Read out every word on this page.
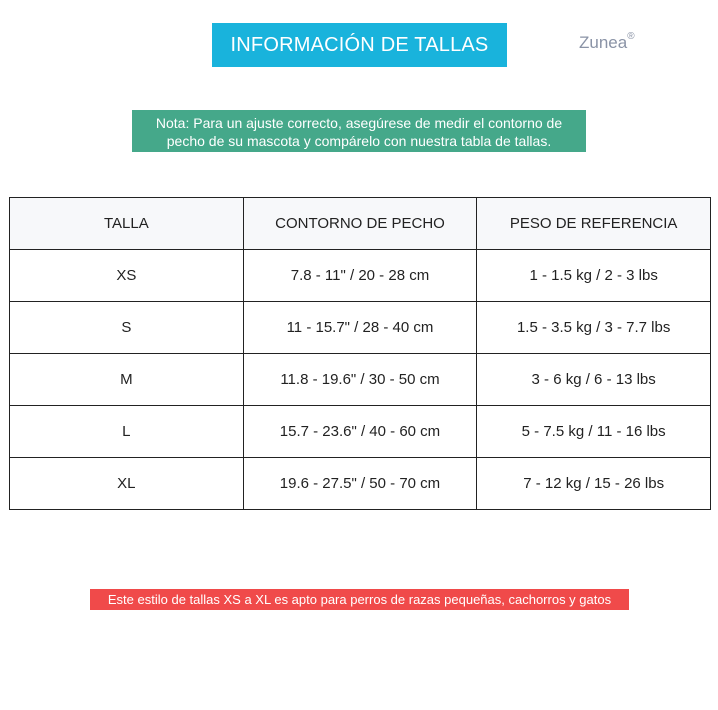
INFORMACIÓN DE TALLAS	Zunea®
Nota: Para un ajuste correcto, asegúrese de medir el contorno de
pecho de su mascota y compárelo con nuestra tabla de tallas.
TALLA	CONTORNO DE PECHO	PESO DE REFERENCIA
XS	7.8 - 11" / 20 - 28 cm	1 - 1.5 kg / 2 - 3 lbs
S	11 - 15.7" / 28 - 40 cm	1.5 - 3.5 kg / 3 - 7.7 lbs
M	11.8 - 19.6" / 30 - 50 cm	3 - 6 kg / 6 - 13 lbs
L	15.7 - 23.6" / 40 - 60 cm	5 - 7.5 kg / 11 - 16 lbs
XL	19.6 - 27.5" / 50 - 70 cm	7 - 12 kg / 15 - 26 lbs
Este estilo de tallas XS a XL es apto para perros de razas pequeñas, cachorros y gatos
